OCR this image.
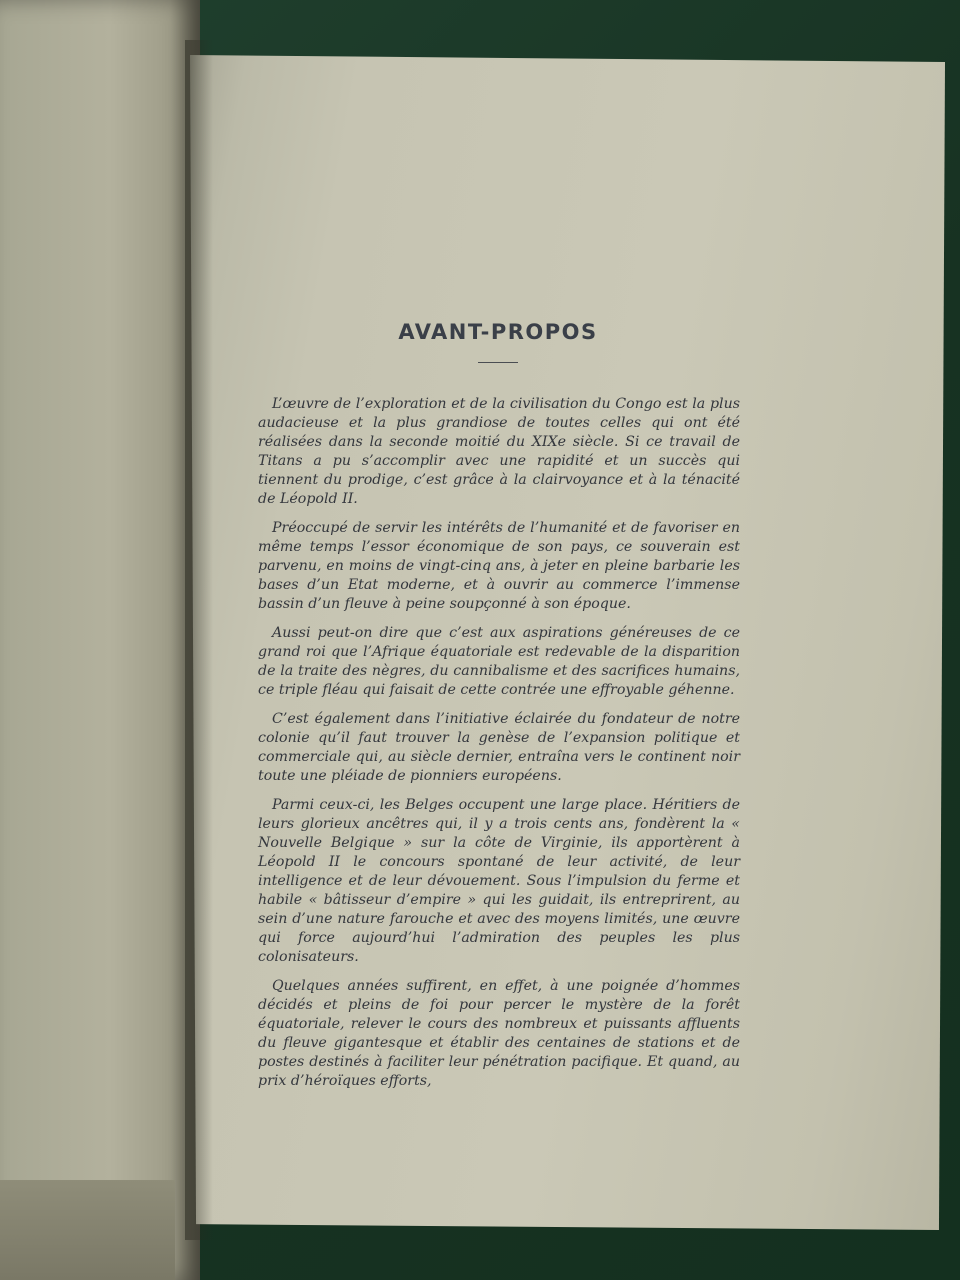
AVANT-PROPOS

L’œuvre de l’exploration et de la civilisation du Congo est la plus audacieuse et la plus grandiose de toutes celles qui ont été réalisées dans la seconde moitié du XIXe siècle. Si ce travail de Titans a pu s’accomplir avec une rapidité et un succès qui tiennent du prodige, c’est grâce à la clairvoyance et à la ténacité de Léopold II.

Préoccupé de servir les intérêts de l’humanité et de favoriser en même temps l’essor économique de son pays, ce souverain est parvenu, en moins de vingt-cinq ans, à jeter en pleine barbarie les bases d’un Etat moderne, et à ouvrir au commerce l’immense bassin d’un fleuve à peine soupçonné à son époque.

Aussi peut-on dire que c’est aux aspirations généreuses de ce grand roi que l’Afrique équatoriale est redevable de la disparition de la traite des nègres, du cannibalisme et des sacrifices humains, ce triple fléau qui faisait de cette contrée une effroyable géhenne.

C’est également dans l’initiative éclairée du fondateur de notre colonie qu’il faut trouver la genèse de l’expansion politique et commerciale qui, au siècle dernier, entraîna vers le continent noir toute une pléiade de pionniers européens.

Parmi ceux-ci, les Belges occupent une large place. Héritiers de leurs glorieux ancêtres qui, il y a trois cents ans, fondèrent la « Nouvelle Belgique » sur la côte de Virginie, ils apportèrent à Léopold II le concours spontané de leur activité, de leur intelligence et de leur dévouement. Sous l’impulsion du ferme et habile « bâtisseur d’empire » qui les guidait, ils entreprirent, au sein d’une nature farouche et avec des moyens limités, une œuvre qui force aujourd’hui l’admiration des peuples les plus colonisateurs.

Quelques années suffirent, en effet, à une poignée d’hommes décidés et pleins de foi pour percer le mystère de la forêt équatoriale, relever le cours des nombreux et puissants affluents du fleuve gigantesque et établir des centaines de stations et de postes destinés à faciliter leur pénétration pacifique. Et quand, au prix d’héroïques efforts,
